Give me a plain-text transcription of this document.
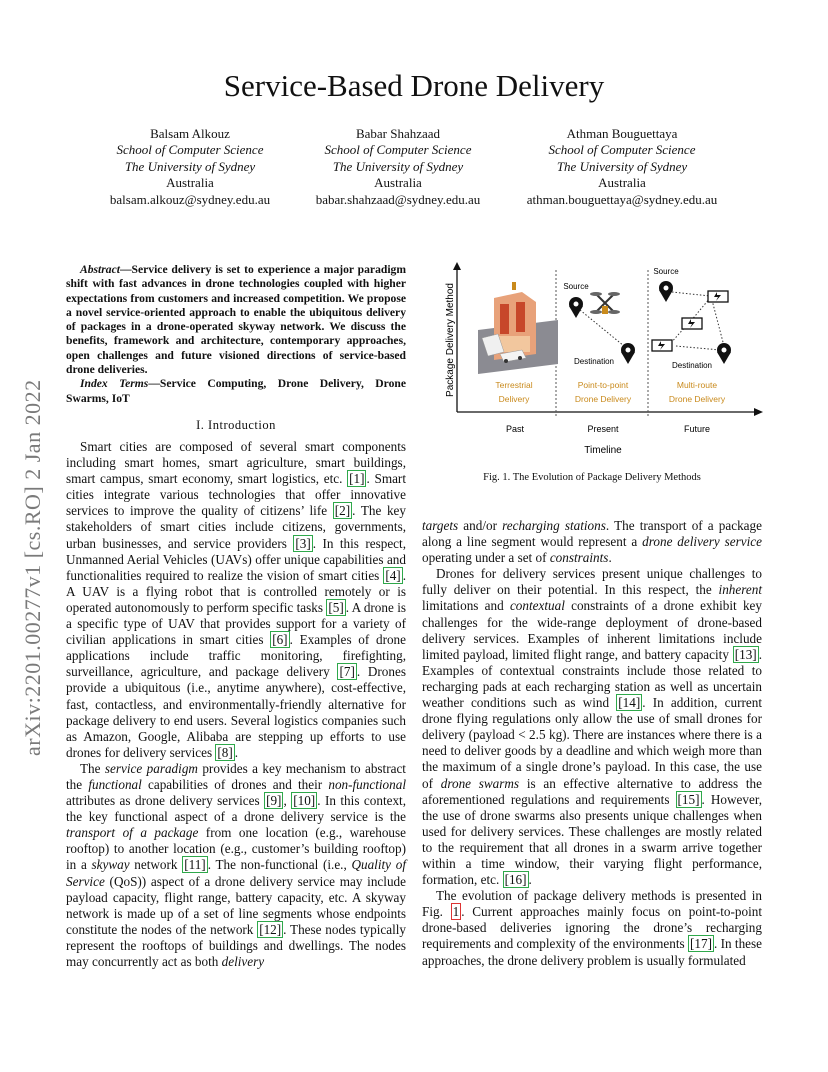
Service-Based Drone Delivery
Balsam Alkouz
School of Computer Science
The University of Sydney
Australia
balsam.alkouz@sydney.edu.au
Babar Shahzaad
School of Computer Science
The University of Sydney
Australia
babar.shahzaad@sydney.edu.au
Athman Bouguettaya
School of Computer Science
The University of Sydney
Australia
athman.bouguettaya@sydney.edu.au
arXiv:2201.00277v1 [cs.RO] 2 Jan 2022

Abstract—Service delivery is set to experience a major paradigm shift with fast advances in drone technologies coupled with higher expectations from customers and increased competition. We propose a novel service-oriented approach to enable the ubiquitous delivery of packages in a drone-operated skyway network. We discuss the benefits, framework and architecture, contemporary approaches, open challenges and future visioned directions of service-based drone deliveries.

Index Terms—Service Computing, Drone Delivery, Drone Swarms, IoT

I. Introduction

Smart cities are composed of several smart components including smart homes, smart agriculture, smart buildings, smart campus, smart economy, smart logistics, etc. [1] . Smart cities integrate various technologies that offer innovative services to improve the quality of citizens’ life [2] . The key stakeholders of smart cities include citizens, governments, urban businesses, and service providers [3] . In this respect, Unmanned Aerial Vehicles (UAVs) offer unique capabilities and functionalities required to realize the vision of smart cities [4] . A UAV is a flying robot that is controlled remotely or is operated autonomously to perform specific tasks [5] . A drone is a specific type of UAV that provides support for a variety of civilian applications in smart cities [6] . Examples of drone applications include traffic monitoring, firefighting, surveillance, agriculture, and package delivery [7] . Drones provide a ubiquitous (i.e., anytime anywhere), cost-effective, fast, contactless, and environmentally-friendly alternative for package delivery to end users. Several logistics companies such as Amazon, Google, Alibaba are stepping up efforts to use drones for delivery services [8] .

The service paradigm provides a key mechanism to abstract the functional capabilities of drones and their non-functional attributes as drone delivery services [9] , [10] . In this context, the key functional aspect of a drone delivery service is the transport of a package from one location (e.g., warehouse rooftop) to another location (e.g., customer’s building rooftop) in a skyway network [11] . The non-functional (i.e., Quality of Service (QoS)) aspect of a drone delivery service may include payload capacity, flight range, battery capacity, etc. A skyway network is made up of a set of line segments whose endpoints constitute the nodes of the network [12] . These nodes typically represent the rooftops of buildings and dwellings. The nodes may concurrently act as both delivery

Package Delivery Method
Timeline
Past	Present	Future
Terrestrial
Delivery
Source
Destination
Point-to-point
Drone Delivery
Source
Destination
Multi-route
Drone Delivery
Fig. 1. The Evolution of Package Delivery Methods

targets and/or recharging stations. The transport of a package along a line segment would represent a drone delivery service operating under a set of constraints.

Drones for delivery services present unique challenges to fully deliver on their potential. In this respect, the inherent limitations and contextual constraints of a drone exhibit key challenges for the wide-range deployment of drone-based delivery services. Examples of inherent limitations include limited payload, limited flight range, and battery capacity [13] . Examples of contextual constraints include those related to recharging pads at each recharging station as well as uncertain weather conditions such as wind [14] . In addition, current drone flying regulations only allow the use of small drones for delivery (payload < 2.5 kg). There are instances where there is a need to deliver goods by a deadline and which weigh more than the maximum of a single drone’s payload. In this case, the use of drone swarms is an effective alternative to address the aforementioned regulations and requirements [15] . However, the use of drone swarms also presents unique challenges when used for delivery services. These challenges are mostly related to the requirement that all drones in a swarm arrive together within a time window, their varying flight performance, formation, etc. [16] .

The evolution of package delivery methods is presented in Fig. 1 . Current approaches mainly focus on point-to-point drone-based deliveries ignoring the drone’s recharging requirements and complexity of the environments [17] . In these approaches, the drone delivery problem is usually formulated
